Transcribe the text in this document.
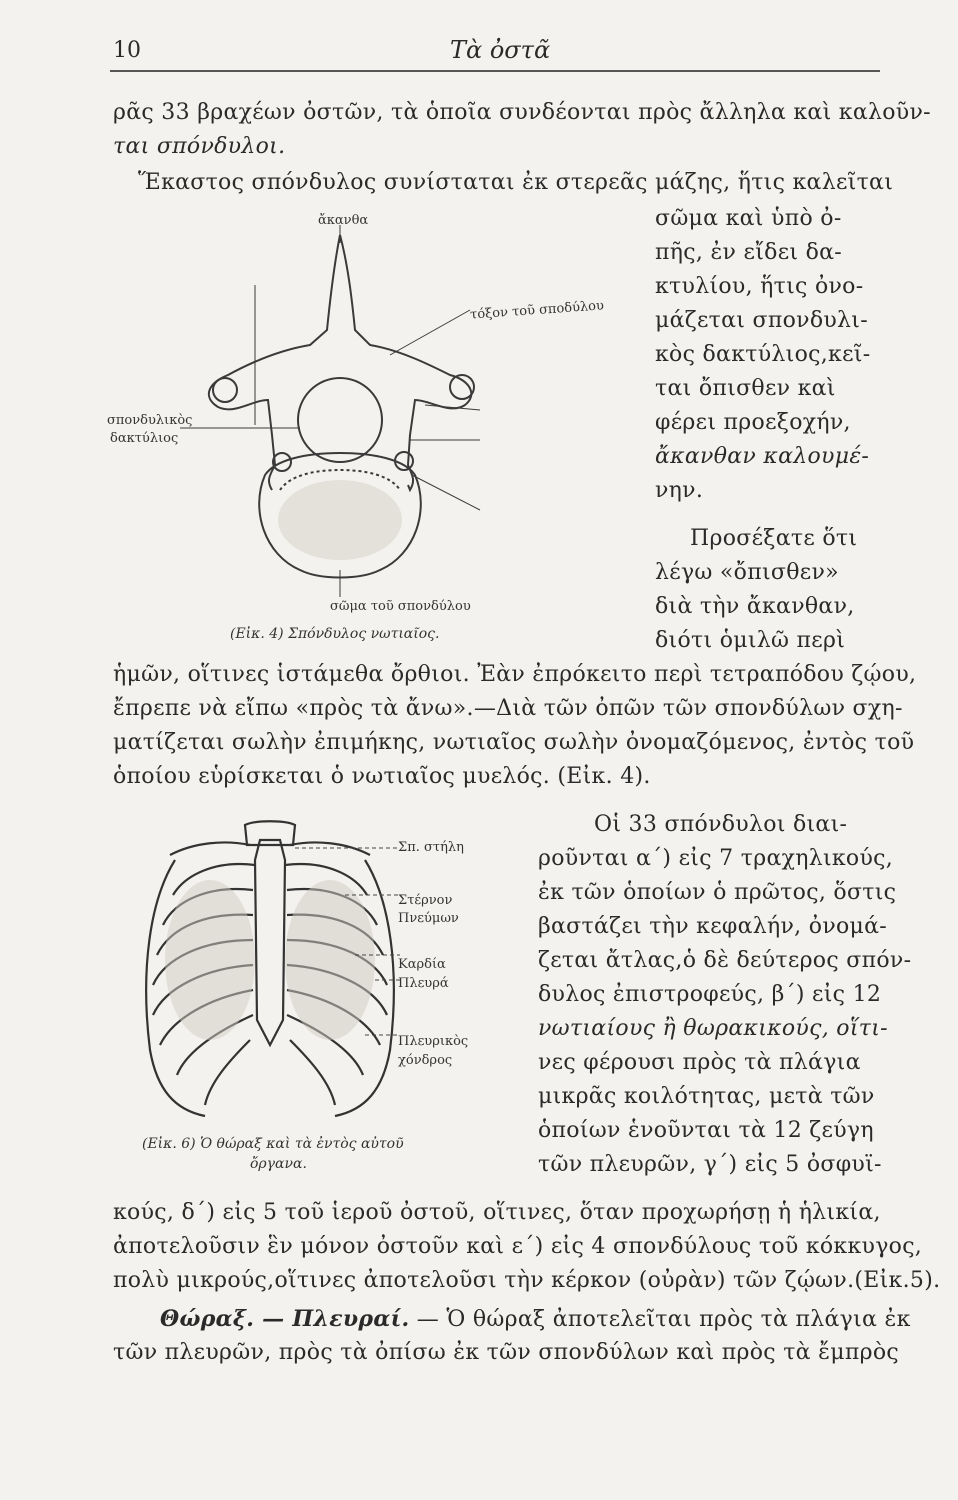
10	Τὰ ὀστᾶ
ρᾶς 33 βραχέων ὀστῶν, τὰ ὁποῖα συνδέονται πρὸς ἄλληλα καὶ καλοῦν-
ται σπόνδυλοι.
Ἕκαστος σπόνδυλος συνίσταται ἐκ στερεᾶς μάζης, ἥτις καλεῖται
σῶμα καὶ ὑπὸ ὀ-
πῆς, ἐν εἴδει δα-
κτυλίου, ἥτις ὀνο-
μάζεται σπονδυλι-
κὸς δακτύλιος,κεῖ-
ται ὄπισθεν καὶ
φέρει προεξοχήν,
ἄκανθαν καλουμέ-
νην.
Προσέξατε ὅτι
λέγω «ὄπισθεν»
διὰ τὴν ἄκανθαν,
διότι ὁμιλῶ περὶ
ἄκανθα
τόξον τοῦ σποδύλου
σπονδυλικὸς
δακτύλιος
σῶμα τοῦ σπονδύλου
(Εἰκ. 4) Σπόνδυλος νωτιαῖος.
ἡμῶν, οἵτινες ἱστάμεθα ὄρθιοι. Ἐὰν ἐπρόκειτο περὶ τετραπόδου ζῴου,
ἔπρεπε νὰ εἴπω «πρὸς τὰ ἄνω».—Διὰ τῶν ὀπῶν τῶν σπονδύλων σχη-
ματίζεται σωλὴν ἐπιμήκης, νωτιαῖος σωλὴν ὀνομαζόμενος, ἐντὸς τοῦ
ὁποίου εὑρίσκεται ὁ νωτιαῖος μυελός. (Εἰκ. 4).
Οἱ 33 σπόνδυλοι διαι-
ροῦνται α΄) εἰς 7 τραχηλικούς,
ἐκ τῶν ὁποίων ὁ πρῶτος, ὅστις
βαστάζει τὴν κεφαλήν, ὀνομά-
ζεται ἄτλας,ὁ δὲ δεύτερος σπόν-
δυλος ἐπιστροφεύς, β΄) εἰς 12
νωτιαίους ἢ θωρακικούς, οἵτι-
νες φέρουσι πρὸς τὰ πλάγια
μικρᾶς κοιλότητας, μετὰ τῶν
ὁποίων ἑνοῦνται τὰ 12 ζεύγη
τῶν πλευρῶν, γ΄) εἰς 5 ὀσφυϊ-
Σπ. στήλη
Στέρνον
Πνεύμων
Καρδία
Πλευρά
Πλευρικὸς
χόνδρος
(Εἰκ. 6) Ὁ θώραξ καὶ τὰ ἐντὸς αὐτοῦ
ὄργανα.
κούς, δ΄) εἰς 5 τοῦ ἱεροῦ ὀστοῦ, οἵτινες, ὅταν προχωρήσῃ ἡ ἡλικία,
ἀποτελοῦσιν ἓν μόνον ὀστοῦν καὶ ε΄) εἰς 4 σπονδύλους τοῦ κόκκυγος,
πολὺ μικρούς,οἵτινες ἀποτελοῦσι τὴν κέρκον (οὐρὰν) τῶν ζῴων.(Εἰκ.5).
Θώραξ. — Πλευραί. — Ὁ θώραξ ἀποτελεῖται πρὸς τὰ πλάγια ἐκ
τῶν πλευρῶν, πρὸς τὰ ὀπίσω ἐκ τῶν σπονδύλων καὶ πρὸς τὰ ἔμπρὸς
